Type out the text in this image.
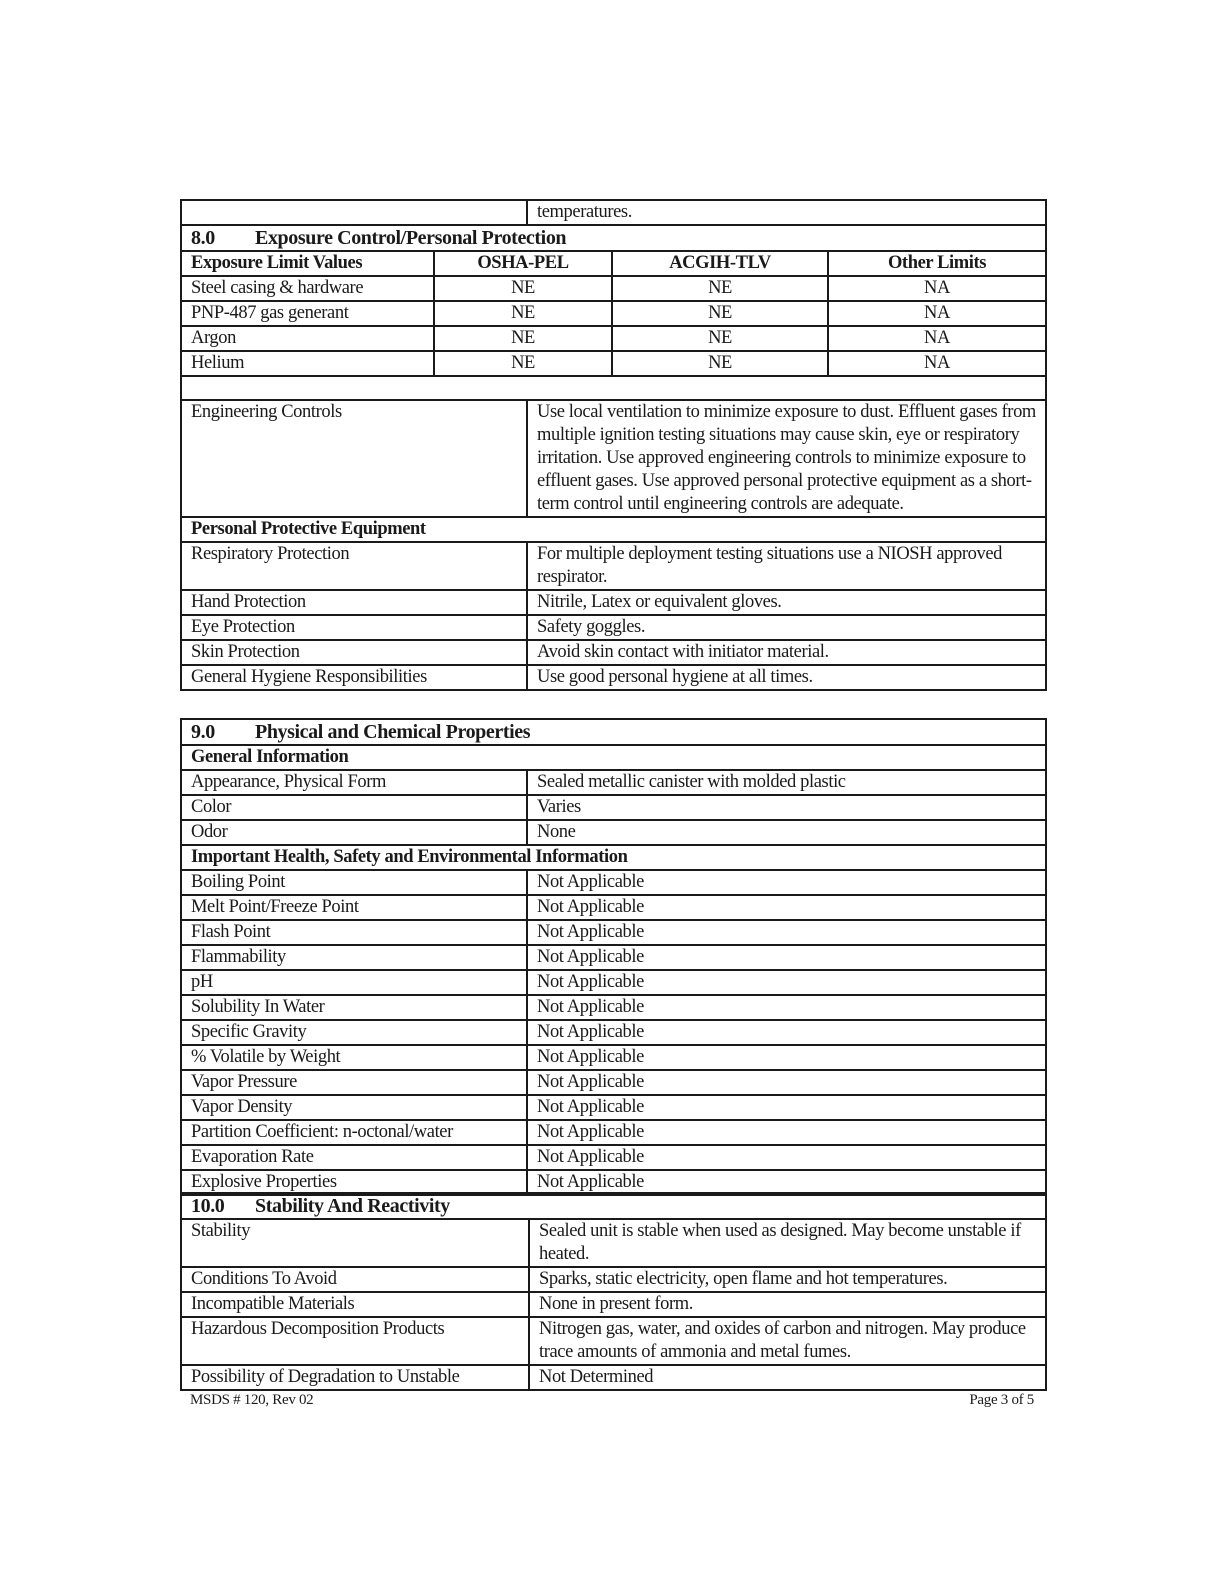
		temperatures.		
8.0 Exposure Control/Personal Protection				
Exposure Limit Values	OSHA-PEL		ACGIH-TLV	Other Limits
Steel casing & hardware	NE		NE	NA
PNP-487 gas generant	NE		NE	NA
Argon	NE		NE	NA
Helium	NE		NE	NA

Engineering Controls		Use local ventilation to minimize exposure to dust. Effluent gases from multiple ignition testing situations may cause skin, eye or respiratory irritation. Use approved engineering controls to minimize exposure to effluent gases. Use approved personal protective equipment as a short-term control until engineering controls are adequate.		
Personal Protective Equipment				
Respiratory Protection		For multiple deployment testing situations use a NIOSH approved respirator.		
Hand Protection		Nitrile, Latex or equivalent gloves.		
Eye Protection		Safety goggles.		
Skin Protection		Avoid skin contact with initiator material.		
General Hygiene Responsibilities		Use good personal hygiene at all times.		
9.0 Physical and Chemical Properties	
General Information	
Appearance, Physical Form	Sealed metallic canister with molded plastic
Color	Varies
Odor	None
Important Health, Safety and Environmental Information	
Boiling Point	Not Applicable
Melt Point/Freeze Point	Not Applicable
Flash Point	Not Applicable
Flammability	Not Applicable
pH	Not Applicable
Solubility In Water	Not Applicable
Specific Gravity	Not Applicable
% Volatile by Weight	Not Applicable
Vapor Pressure	Not Applicable
Vapor Density	Not Applicable
Partition Coefficient: n-octonal/water	Not Applicable
Evaporation Rate	Not Applicable
Explosive Properties	Not Applicable
10.0 Stability And Reactivity	
Stability	Sealed unit is stable when used as designed. May become unstable if heated.
Conditions To Avoid	Sparks, static electricity, open flame and hot temperatures.
Incompatible Materials	None in present form.
Hazardous Decomposition Products	Nitrogen gas, water, and oxides of carbon and nitrogen. May produce trace amounts of ammonia and metal fumes.
Possibility of Degradation to Unstable	Not Determined
MSDS # 120, Rev 02	Page 3 of 5
